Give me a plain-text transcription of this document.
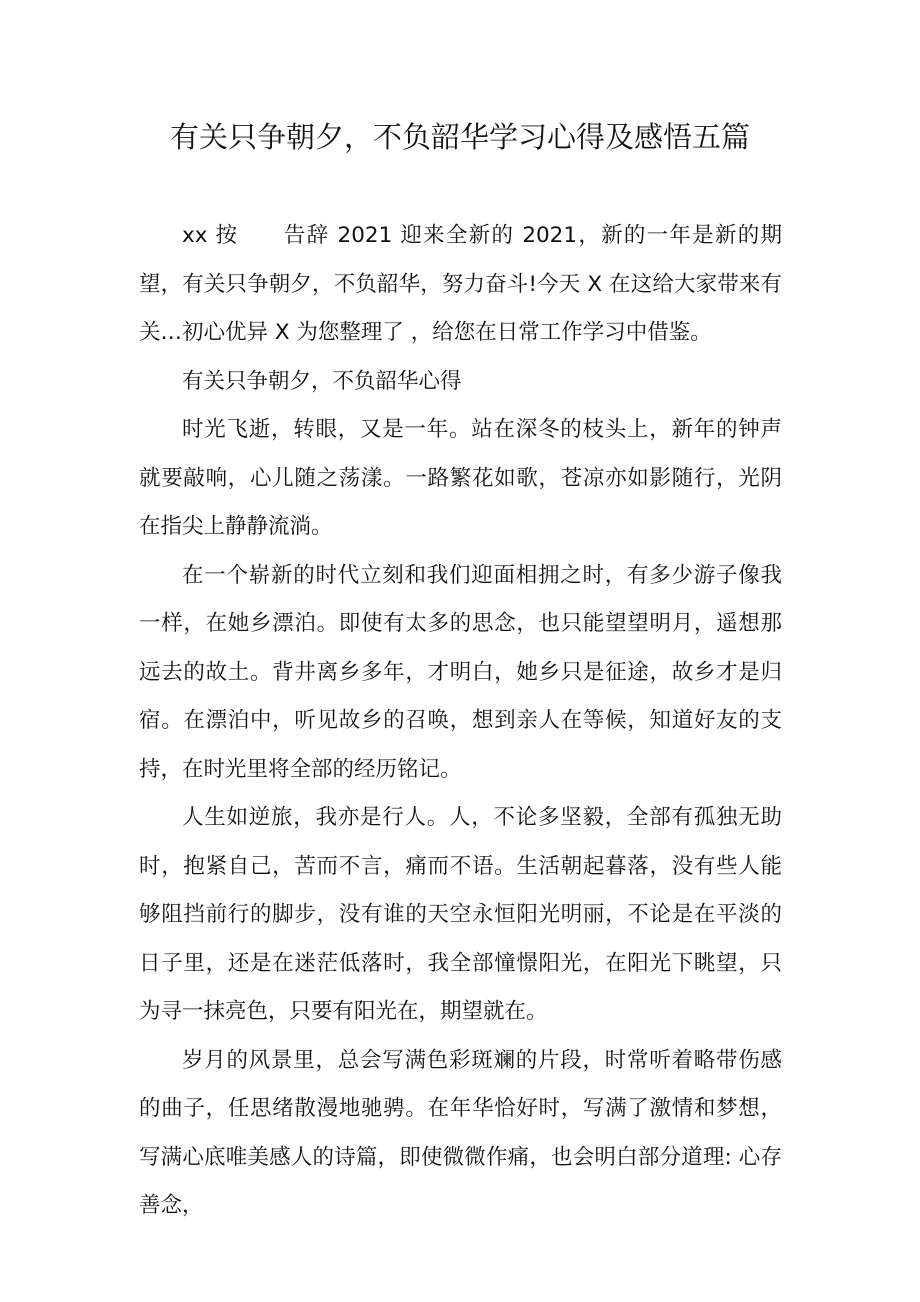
有关只争朝夕，不负韶华学习心得及感悟五篇

xx 按　　告辞 2021 迎来全新的 2021，新的一年是新的期望，有关只争朝夕，不负韶华，努力奋斗!今天 X 在这给大家带来有关…初心优异 X 为您整理了 ，给您在日常工作学习中借鉴。

有关只争朝夕，不负韶华心得

时光飞逝，转眼，又是一年。站在深冬的枝头上，新年的钟声就要敲响，心儿随之荡漾。一路繁花如歌，苍凉亦如影随行，光阴在指尖上静静流淌。

在一个崭新的时代立刻和我们迎面相拥之时，有多少游子像我一样，在她乡漂泊。即使有太多的思念，也只能望望明月，遥想那远去的故土。背井离乡多年，才明白，她乡只是征途，故乡才是归宿。在漂泊中，听见故乡的召唤，想到亲人在等候，知道好友的支持，在时光里将全部的经历铭记。

人生如逆旅，我亦是行人。人，不论多坚毅，全部有孤独无助时，抱紧自己，苦而不言，痛而不语。生活朝起暮落，没有些人能够阻挡前行的脚步，没有谁的天空永恒阳光明丽，不论是在平淡的日子里，还是在迷茫低落时，我全部憧憬阳光，在阳光下眺望，只为寻一抹亮色，只要有阳光在，期望就在。

岁月的风景里，总会写满色彩斑斓的片段，时常听着略带伤感的曲子，任思绪散漫地驰骋。在年华恰好时，写满了激情和梦想，写满心底唯美感人的诗篇，即使微微作痛，也会明白部分道理: 心存善念，
